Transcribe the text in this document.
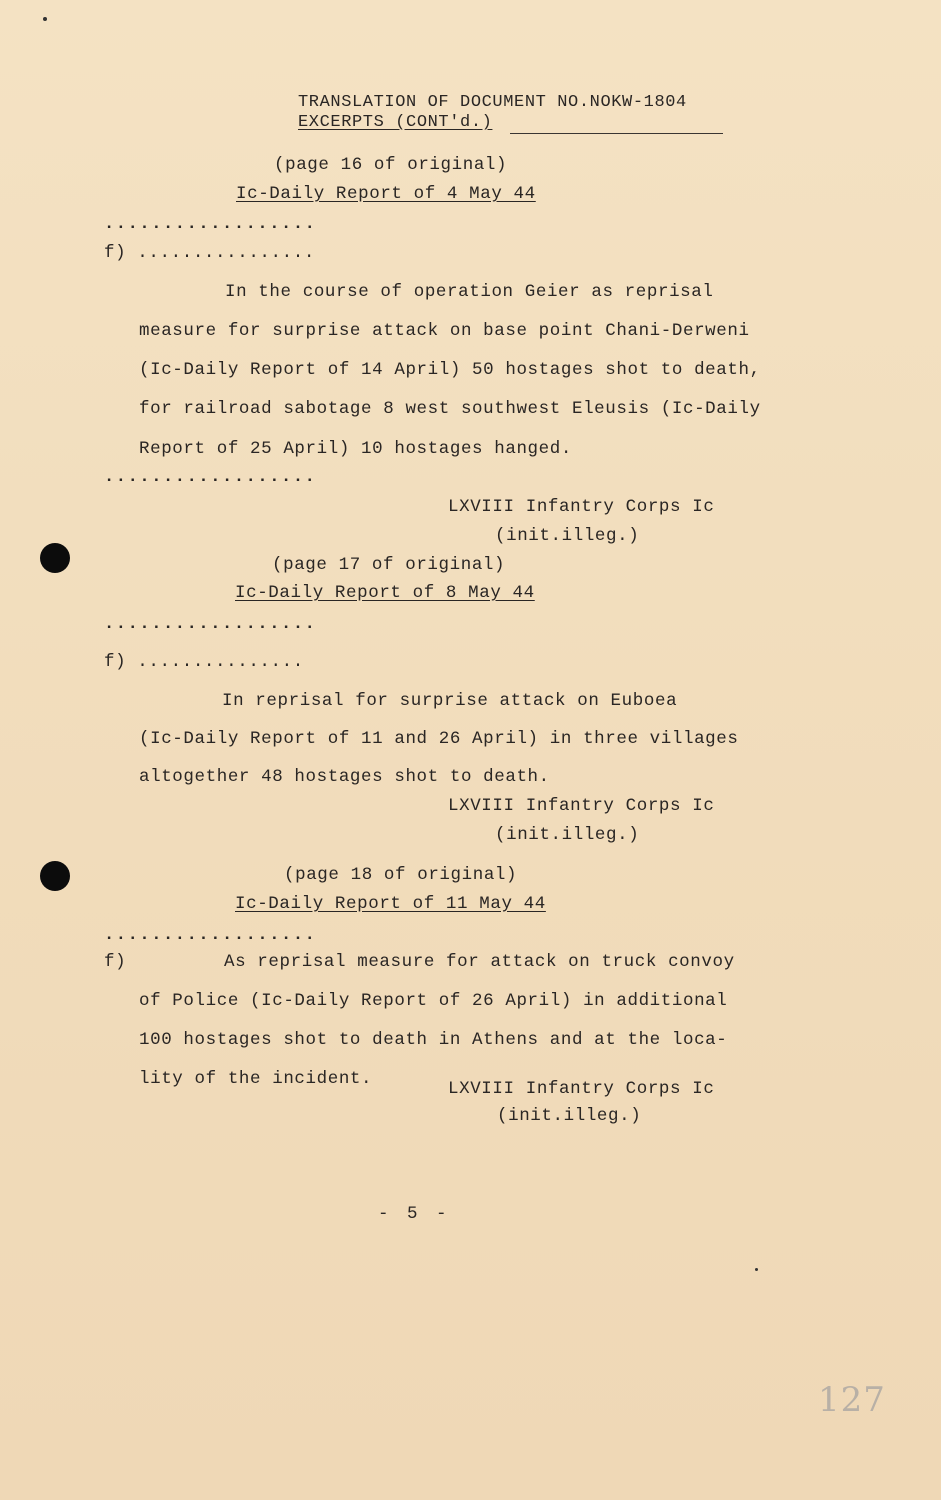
TRANSLATION OF DOCUMENT NO.NOKW-1804
EXCERPTS (CONT'd.)
(page 16 of original)
Ic-Daily Report of 4 May 44
..................
f) ................
In the course of operation Geier as reprisal
measure for surprise attack on base point Chani-Derweni
(Ic-Daily Report of 14 April) 50 hostages shot to death,
for railroad sabotage 8 west southwest Eleusis (Ic-Daily
Report of 25 April) 10 hostages hanged.
..................
LXVIII Infantry Corps Ic
(init.illeg.)
(page 17 of original)
Ic-Daily Report of 8 May 44
..................
f) ...............
In reprisal for surprise attack on Euboea
(Ic-Daily Report of 11 and 26 April) in three villages
altogether 48 hostages shot to death.
LXVIII Infantry Corps Ic
(init.illeg.)
(page 18 of original)
Ic-Daily Report of 11 May 44
..................
f)	As reprisal measure for attack on truck convoy
of Police (Ic-Daily Report of 26 April) in additional
100 hostages shot to death in Athens and at the loca-
lity of the incident.	LXVIII Infantry Corps Ic
(init.illeg.)
- 5 -
127
